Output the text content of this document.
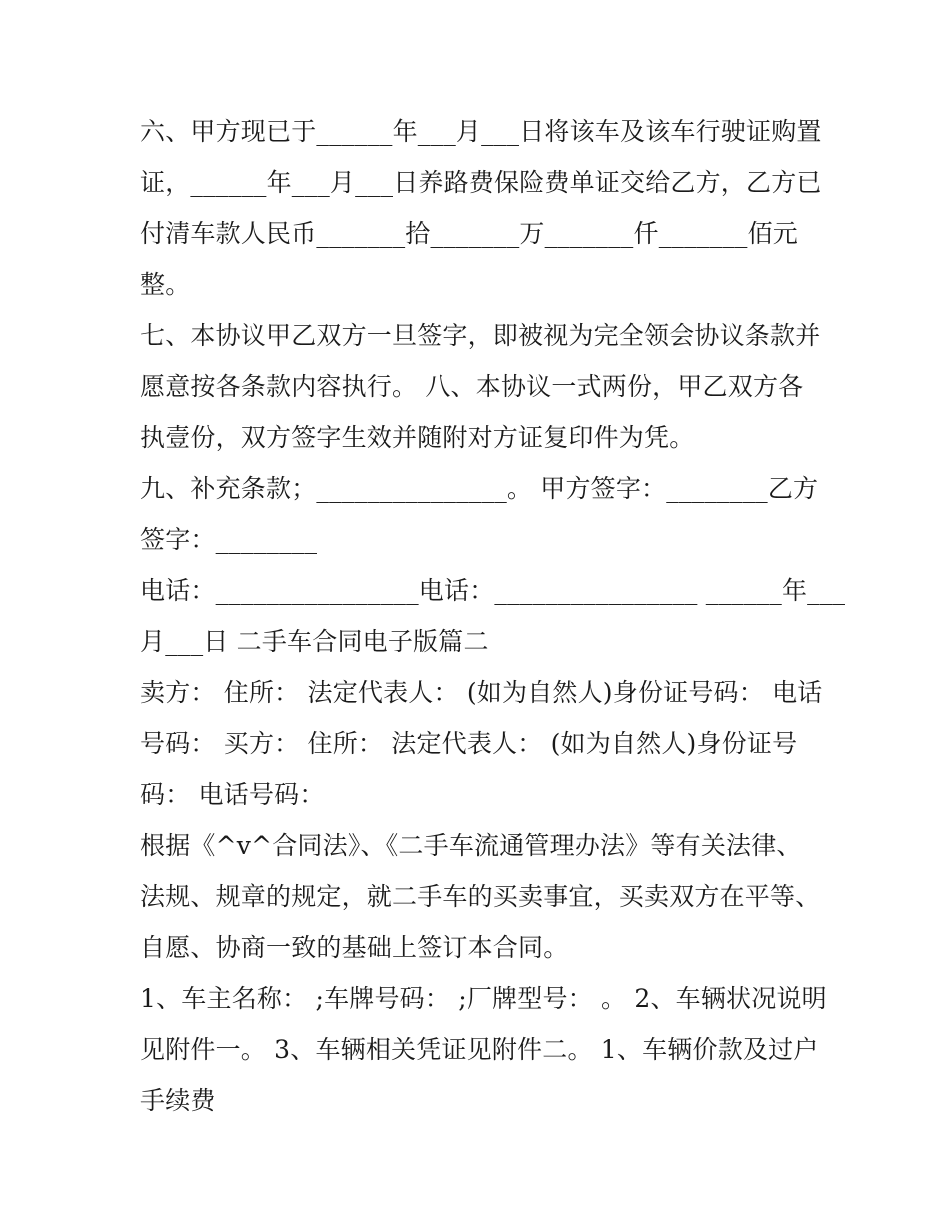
六、甲方现已于______年___月___日将该车及该车行驶证购置
证，______年___月___日养路费保险费单证交给乙方，乙方已
付清车款人民币_______拾_______万_______仟_______佰元
整。
七、本协议甲乙双方一旦签字，即被视为完全领会协议条款并
愿意按各条款内容执行。 八、本协议一式两份，甲乙双方各
执壹份，双方签字生效并随附对方证复印件为凭。
九、补充条款；_______________。 甲方签字：________乙方
签字：________
电话：________________电话：________________ ______年___
月___日 二手车合同电子版篇二
卖方： 住所： 法定代表人： (如为自然人)身份证号码： 电话
号码： 买方： 住所： 法定代表人： (如为自然人)身份证号
码： 电话号码：
根据《^v^合同法》、《二手车流通管理办法》等有关法律、
法规、规章的规定，就二手车的买卖事宜，买卖双方在平等、
自愿、协商一致的基础上签订本合同。
1、车主名称： ;车牌号码： ;厂牌型号： 。 2、车辆状况说明
见附件一。 3、车辆相关凭证见附件二。 1、车辆价款及过户
手续费
